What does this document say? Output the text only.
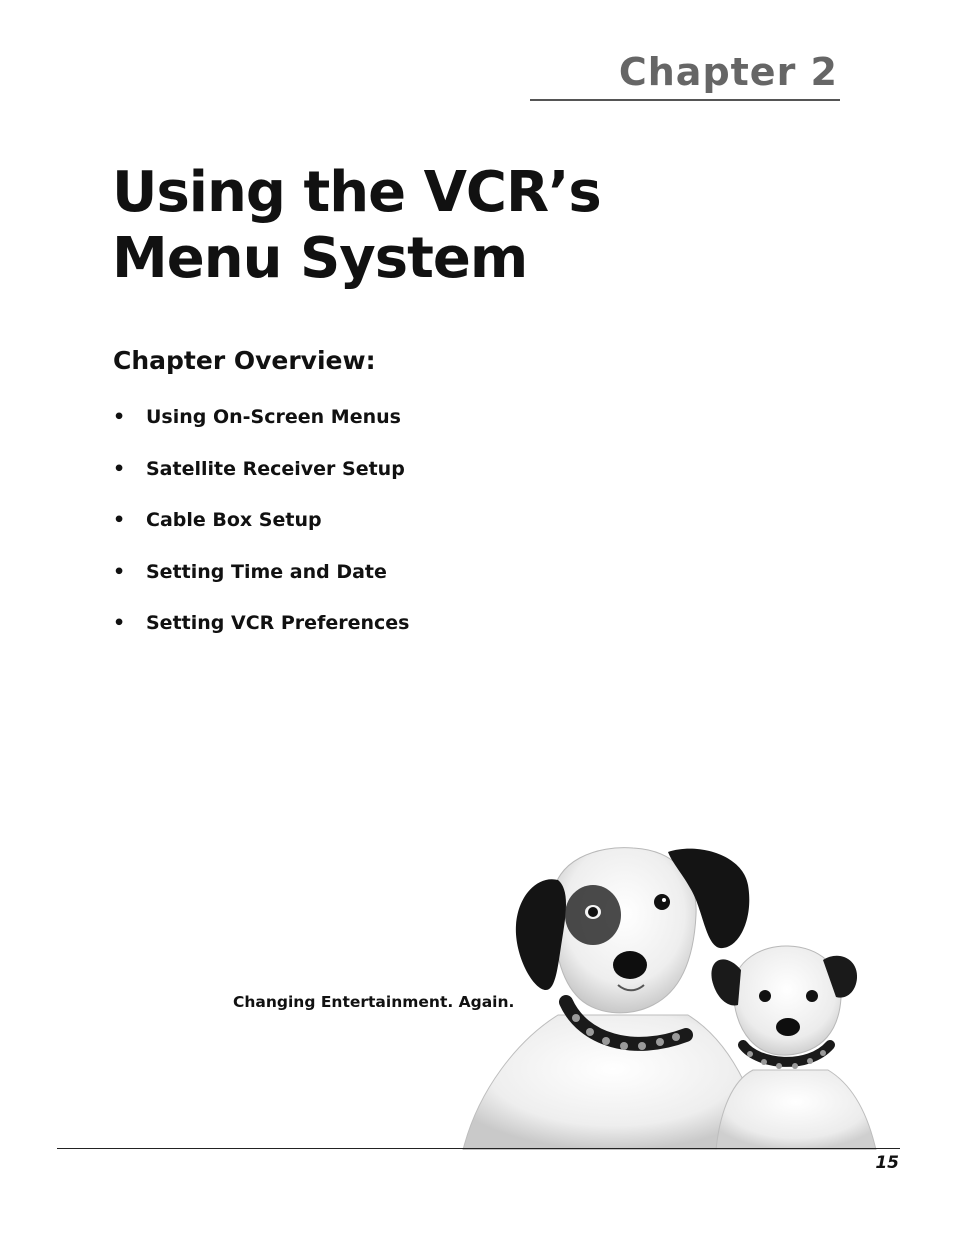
Chapter 2
Using the VCR’s
Menu System
Chapter Overview:
•	Using On-Screen Menus
•	Satellite Receiver Setup
•	Cable Box Setup
•	Setting Time and Date
•	Setting VCR Preferences
Changing Entertainment. Again.
15
